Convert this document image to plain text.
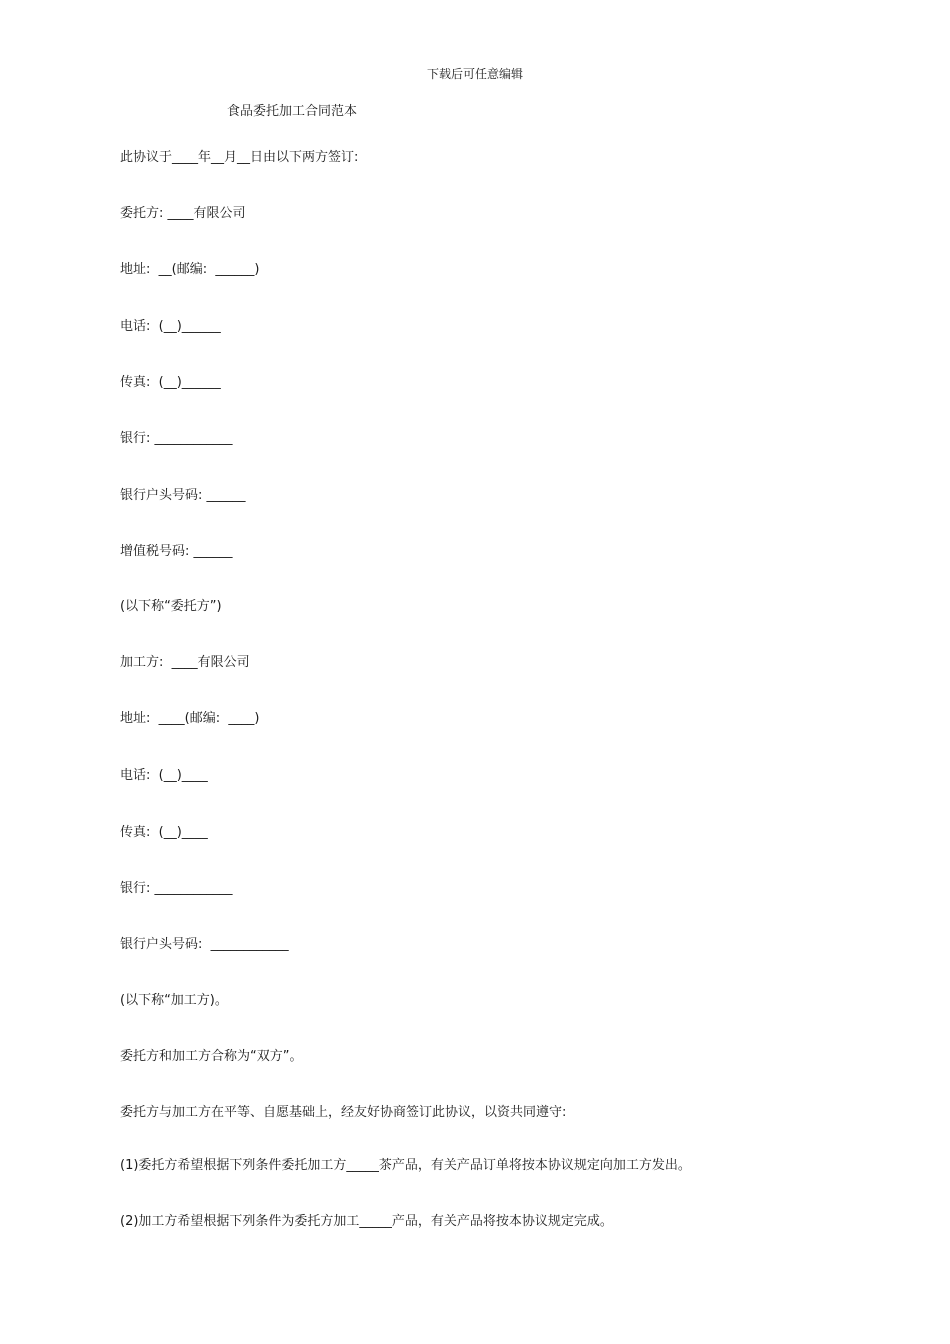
下载后可任意编辑
食品委托加工合同范本
此协议于____年__月__日由以下两方签订:
委托方: ____有限公司
地址:  __(邮编:  ______)
电话:  (__)______
传真:  (__)______
银行: ____________
银行户头号码: ______
增值税号码: ______
(以下称“委托方”)
加工方:  ____有限公司
地址:  ____(邮编:  ____)
电话:  (__)____
传真:  (__)____
银行: ____________
银行户头号码:  ____________
(以下称“加工方)。
委托方和加工方合称为“双方”。
委托方与加工方在平等、自愿基础上，经友好协商签订此协议，以资共同遵守:
(1)委托方希望根据下列条件委托加工方_____茶产品，有关产品订单将按本协议规定向加工方发出。
(2)加工方希望根据下列条件为委托方加工_____产品，有关产品将按本协议规定完成。
